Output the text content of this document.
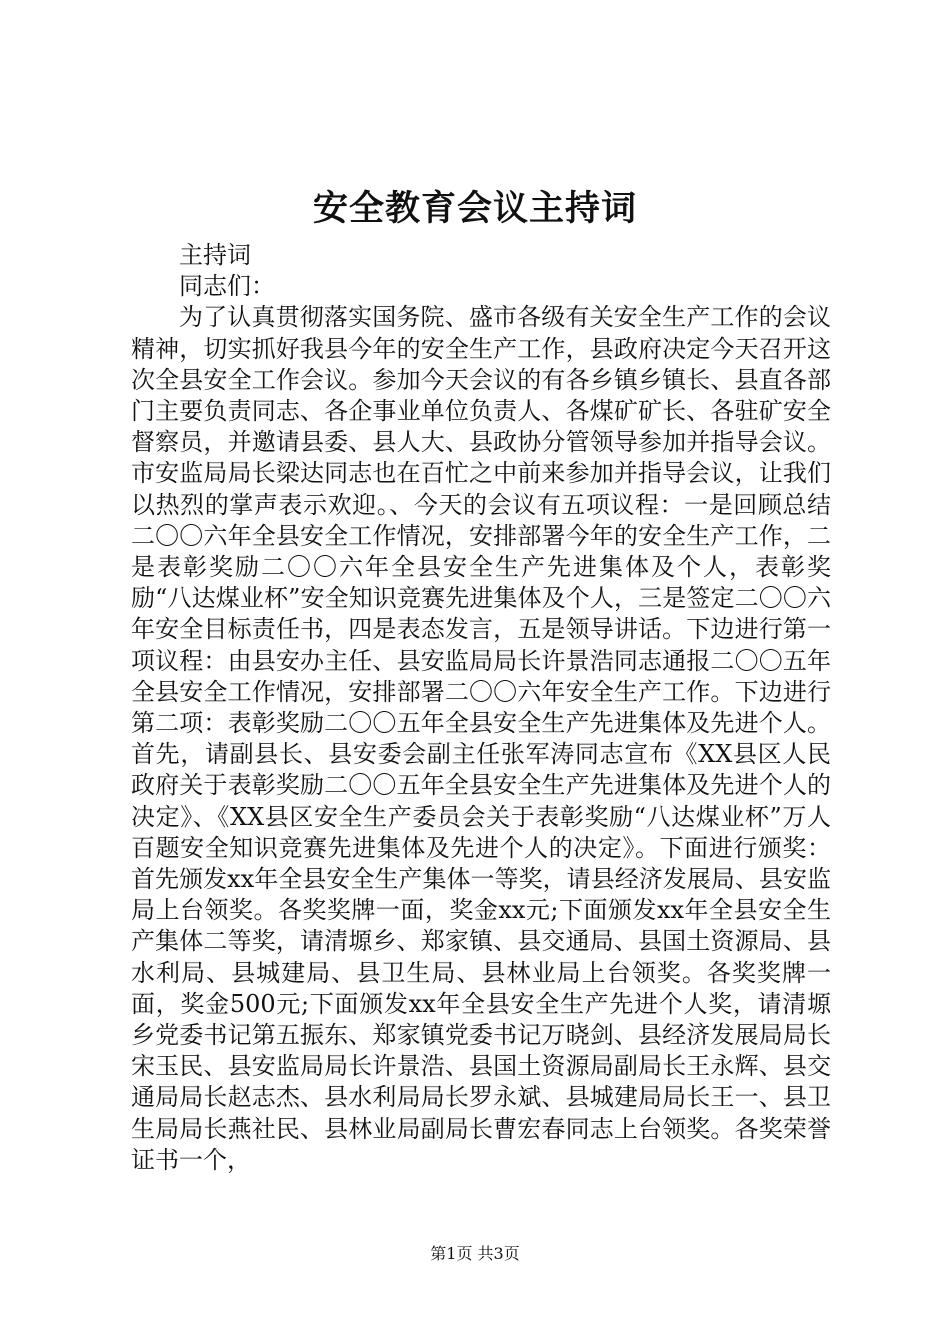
安全教育会议主持词

主持词

同志们：

为了认真贯彻落实国务院、盛市各级有关安全生产工作的会议精神，切实抓好我县今年的安全生产工作，县政府决定今天召开这次全县安全工作会议。参加今天会议的有各乡镇乡镇长、县直各部门主要负责同志、各企事业单位负责人、各煤矿矿长、各驻矿安全督察员，并邀请县委、县人大、县政协分管领导参加并指导会议。市安监局局长梁达同志也在百忙之中前来参加并指导会议，让我们以热烈的掌声表示欢迎。、今天的会议有五项议程：一是回顾总结二〇〇六年全县安全工作情况，安排部署今年的安全生产工作，二是表彰奖励二〇〇六年全县安全生产先进集体及个人，表彰奖励“八达煤业杯”安全知识竞赛先进集体及个人，三是签定二〇〇六年安全目标责任书，四是表态发言，五是领导讲话。下边进行第一项议程：由县安办主任、县安监局局长许景浩同志通报二〇〇五年全县安全工作情况，安排部署二〇〇六年安全生产工作。下边进行第二项：表彰奖励二〇〇五年全县安全生产先进集体及先进个人。首先，请副县长、县安委会副主任张军涛同志宣布《XX县区人民政府关于表彰奖励二〇〇五年全县安全生产先进集体及先进个人的决定》、《XX县区安全生产委员会关于表彰奖励“八达煤业杯”万人百题安全知识竞赛先进集体及先进个人的决定》。下面进行颁奖：首先颁发xx年全县安全生产集体一等奖，请县经济发展局、县安监局上台领奖。各奖奖牌一面，奖金xx元;下面颁发xx年全县安全生产集体二等奖，请清塬乡、郑家镇、县交通局、县国土资源局、县水利局、县城建局、县卫生局、县林业局上台领奖。各奖奖牌一面，奖金500元;下面颁发xx年全县安全生产先进个人奖，请清塬乡党委书记第五振东、郑家镇党委书记万晓剑、县经济发展局局长宋玉民、县安监局局长许景浩、县国土资源局副局长王永辉、县交通局局长赵志杰、县水利局局长罗永斌、县城建局局长王一、县卫生局局长燕社民、县林业局副局长曹宏春同志上台领奖。各奖荣誉证书一个，

第1页 共3页
